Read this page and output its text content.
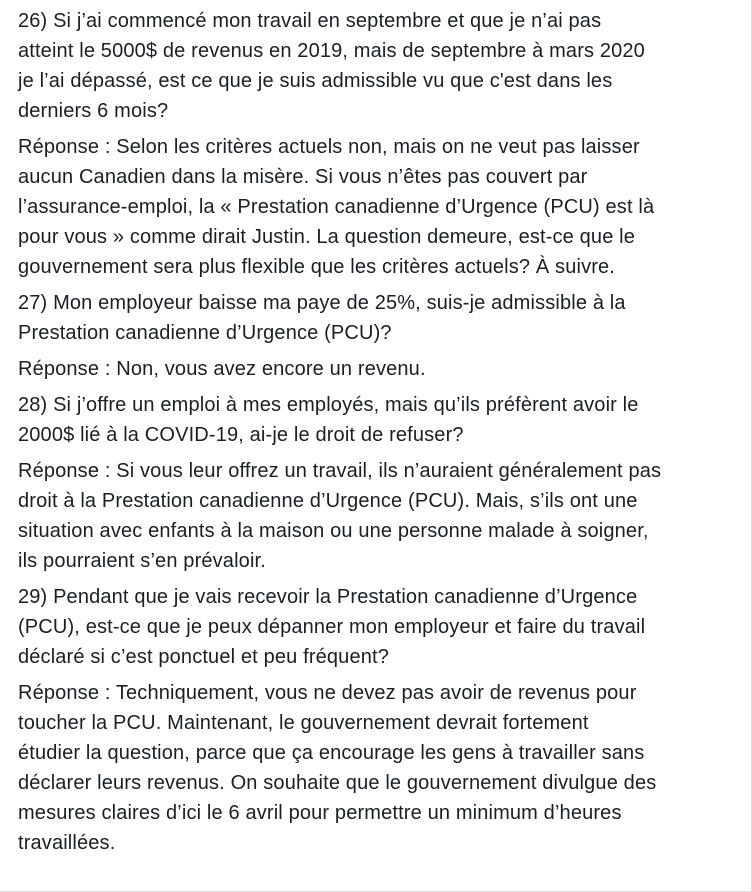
26) Si j’ai commencé mon travail en septembre et que je n’ai pas
atteint le 5000$ de revenus en 2019, mais de septembre à mars 2020
je l’ai dépassé, est ce que je suis admissible vu que c'est dans les
derniers 6 mois?

Réponse : Selon les critères actuels non, mais on ne veut pas laisser
aucun Canadien dans la misère. Si vous n’êtes pas couvert par
l’assurance-emploi, la « Prestation canadienne d’Urgence (PCU) est là
pour vous » comme dirait Justin. La question demeure, est-ce que le
gouvernement sera plus flexible que les critères actuels? À suivre.

27) Mon employeur baisse ma paye de 25%, suis-je admissible à la
Prestation canadienne d’Urgence (PCU)?

Réponse : Non, vous avez encore un revenu.

28) Si j’offre un emploi à mes employés, mais qu’ils préfèrent avoir le
2000$ lié à la COVID-19, ai-je le droit de refuser?

Réponse : Si vous leur offrez un travail, ils n’auraient généralement pas
droit à la Prestation canadienne d’Urgence (PCU). Mais, s’ils ont une
situation avec enfants à la maison ou une personne malade à soigner,
ils pourraient s’en prévaloir.

29) Pendant que je vais recevoir la Prestation canadienne d’Urgence
(PCU), est-ce que je peux dépanner mon employeur et faire du travail
déclaré si c’est ponctuel et peu fréquent?

Réponse : Techniquement, vous ne devez pas avoir de revenus pour
toucher la PCU. Maintenant, le gouvernement devrait fortement
étudier la question, parce que ça encourage les gens à travailler sans
déclarer leurs revenus. On souhaite que le gouvernement divulgue des
mesures claires d’ici le 6 avril pour permettre un minimum d’heures
travaillées.
